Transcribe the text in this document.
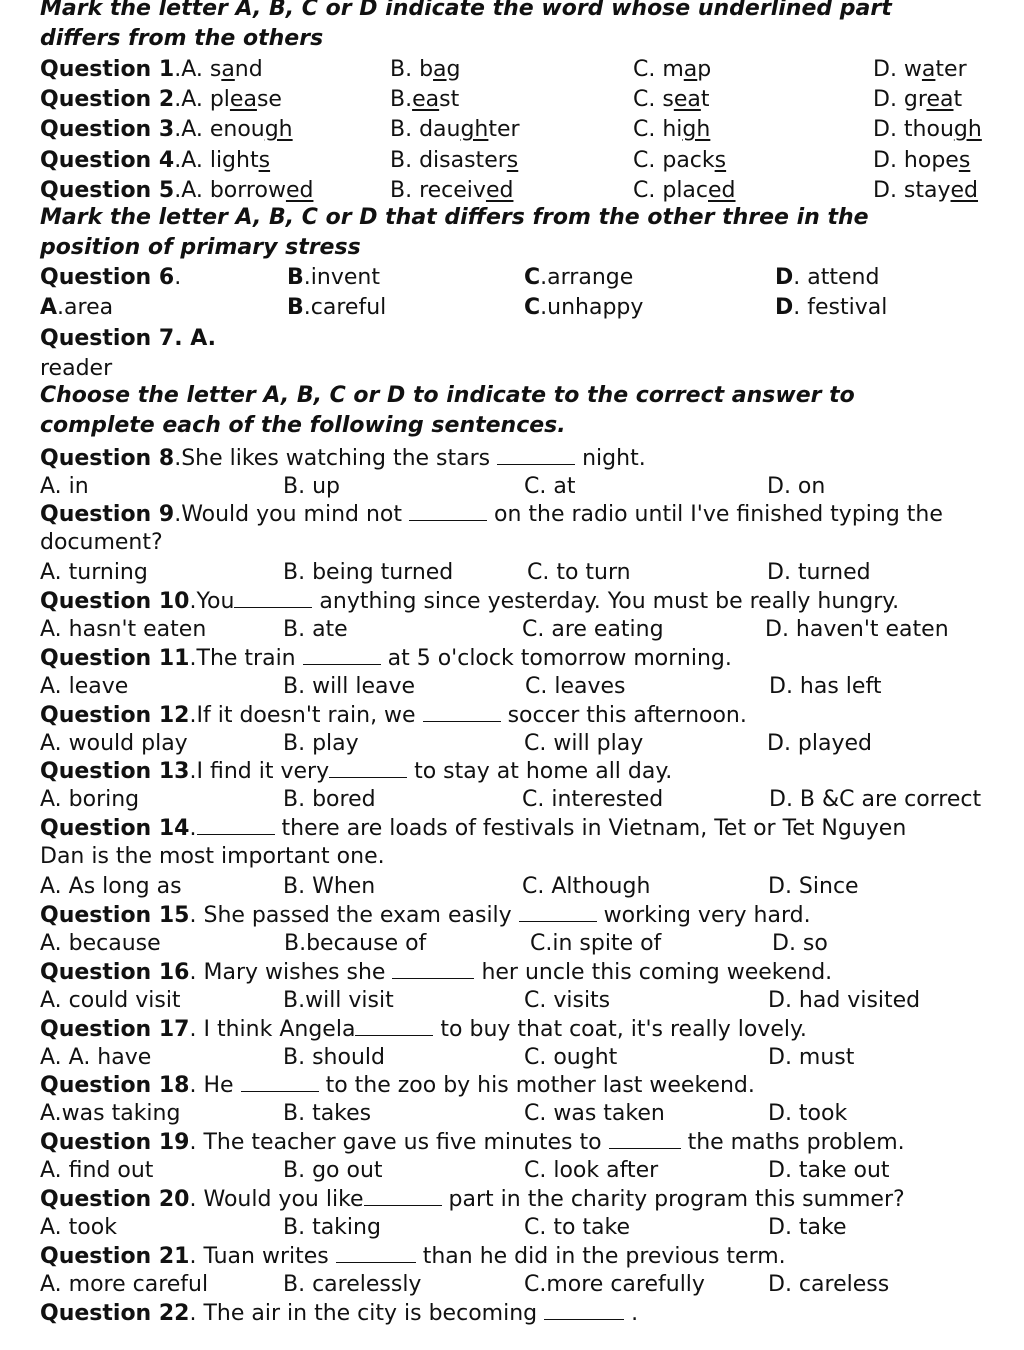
Mark the letter A, B, C or D indicate the word whose underlined part
differs from the others
Question 1.A. sand	B. bag	C. map	D. water
Question 2.A. please	B.east	C. seat	D. great
Question 3.A. enough	B. daughter	C. high	D. though
Question 4.A. lights	B. disasters	C. packs	D. hopes
Question 5.A. borrowed	B. received	C. placed	D. stayed
Mark the letter A, B, C or D that differs from the other three in the
position of primary stress
Question 6.	B.invent	C.arrange	D. attend
A.area	B.careful	C.unhappy	D. festival
Question 7. A.
reader
Choose the letter A, B, C or D to indicate to the correct answer to
complete each of the following sentences.
Question 8.She likes watching the stars	night.
A. in	B. up	C. at	D. on
Question 9.Would you mind not	on the radio until I've finished typing the
document?
A. turning	B. being turned	C. to turn	D. turned
Question 10.You	anything since yesterday. You must be really hungry.
A. hasn't eaten	B. ate	C. are eating	D. haven't eaten
Question 11.The train	at 5 o'clock tomorrow morning.
A. leave	B. will leave	C. leaves	D. has left
Question 12.If it doesn't rain, we	soccer this afternoon.
A. would play	B. play	C. will play	D. played
Question 13.I find it very	to stay at home all day.
A. boring	B. bored	C. interested	D. B &C are correct
Question 14.	there are loads of festivals in Vietnam, Tet or Tet Nguyen
Dan is the most important one.
A. As long as	B. When	C. Although	D. Since
Question 15. She passed the exam easily	working very hard.
A. because	B.because of	C.in spite of	D. so
Question 16. Mary wishes she	her uncle this coming weekend.
A. could visit	B.will visit	C. visits	D. had visited
Question 17. I think Angela	to buy that coat, it's really lovely.
A. A. have	B. should	C. ought	D. must
Question 18. He	to the zoo by his mother last weekend.
A.was taking	B. takes	C. was taken	D. took
Question 19. The teacher gave us five minutes to	the maths problem.
A. find out	B. go out	C. look after	D. take out
Question 20. Would you like	part in the charity program this summer?
A. took	B. taking	C. to take	D. take
Question 21. Tuan writes	than he did in the previous term.
A. more careful	B. carelessly	C.more carefully	D. careless
Question 22. The air in the city is becoming	.
